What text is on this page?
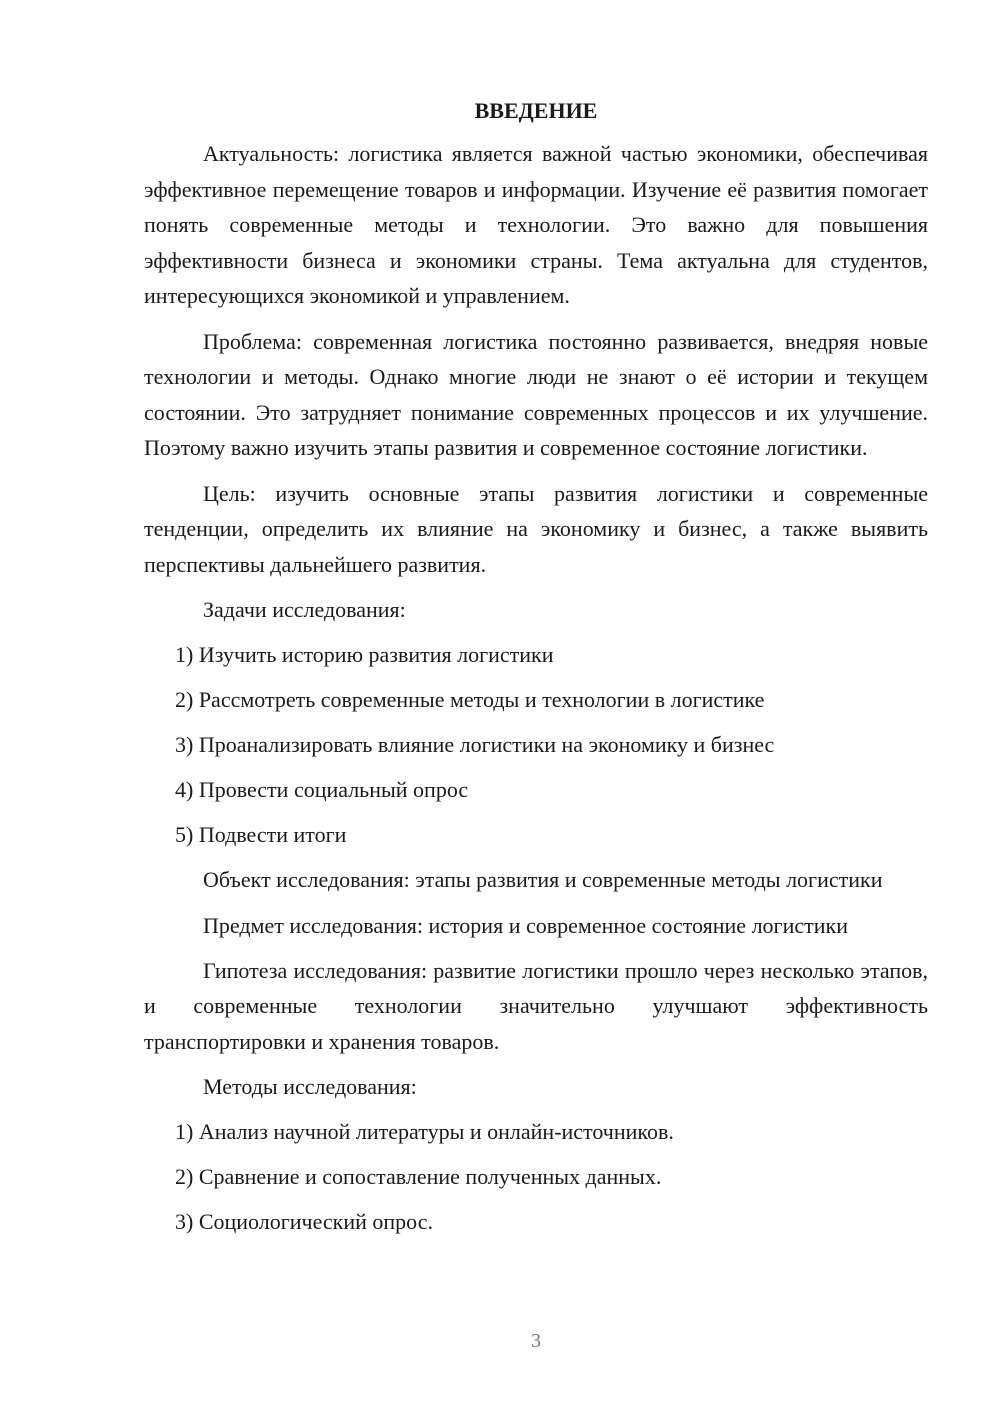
ВВЕДЕНИЕ
Актуальность: логистика является важной частью экономики, обеспечивая эффективное перемещение товаров и информации. Изучение её развития помогает понять современные методы и технологии. Это важно для повышения эффективности бизнеса и экономики страны. Тема актуальна для студентов, интересующихся экономикой и управлением.
Проблема: современная логистика постоянно развивается, внедряя новые технологии и методы. Однако многие люди не знают о её истории и текущем состоянии. Это затрудняет понимание современных процессов и их улучшение. Поэтому важно изучить этапы развития и современное состояние логистики.
Цель: изучить основные этапы развития логистики и современные тенденции, определить их влияние на экономику и бизнес, а также выявить перспективы дальнейшего развития.
Задачи исследования:
1) Изучить историю развития логистики
2) Рассмотреть современные методы и технологии в логистике
3) Проанализировать влияние логистики на экономику и бизнес
4) Провести социальный опрос
5) Подвести итоги
Объект исследования: этапы развития и современные методы логистики
Предмет исследования: история и современное состояние логистики
Гипотеза исследования: развитие логистики прошло через несколько этапов, и современные технологии значительно улучшают эффективность транспортировки и хранения товаров.
Методы исследования:
1) Анализ научной литературы и онлайн-источников.
2) Сравнение и сопоставление полученных данных.
3) Социологический опрос.
3
